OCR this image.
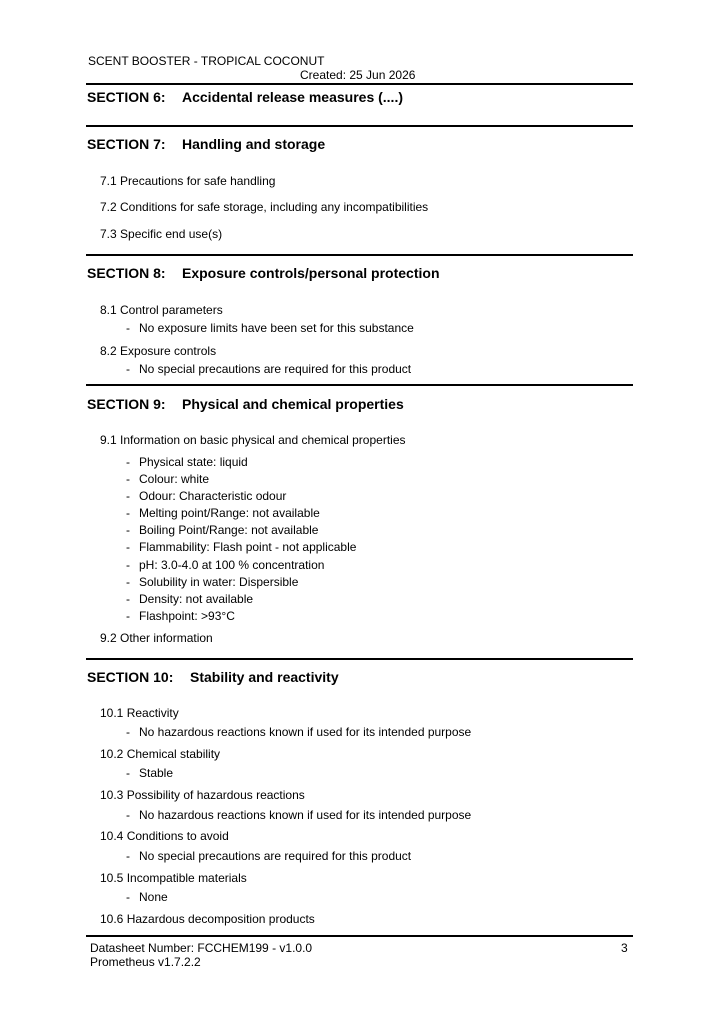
SCENT BOOSTER - TROPICAL COCONUT
Created: 25 Jun 2026
SECTION 6: Accidental release measures (....)
SECTION 7: Handling and storage
7.1 Precautions for safe handling
7.2 Conditions for safe storage, including any incompatibilities
7.3 Specific end use(s)
SECTION 8: Exposure controls/personal protection
8.1 Control parameters
- No exposure limits have been set for this substance
8.2 Exposure controls
- No special precautions are required for this product
SECTION 9: Physical and chemical properties
9.1 Information on basic physical and chemical properties
- Physical state: liquid
- Colour: white
- Odour: Characteristic odour
- Melting point/Range: not available
- Boiling Point/Range: not available
- Flammability: Flash point - not applicable
- pH: 3.0-4.0 at 100 % concentration
- Solubility in water: Dispersible
- Density: not available
- Flashpoint: >93°C
9.2 Other information
SECTION 10: Stability and reactivity
10.1 Reactivity
- No hazardous reactions known if used for its intended purpose
10.2 Chemical stability
- Stable
10.3 Possibility of hazardous reactions
- No hazardous reactions known if used for its intended purpose
10.4 Conditions to avoid
- No special precautions are required for this product
10.5 Incompatible materials
- None
10.6 Hazardous decomposition products
Datasheet Number: FCCHEM199 - v1.0.0	3
Prometheus v1.7.2.2
